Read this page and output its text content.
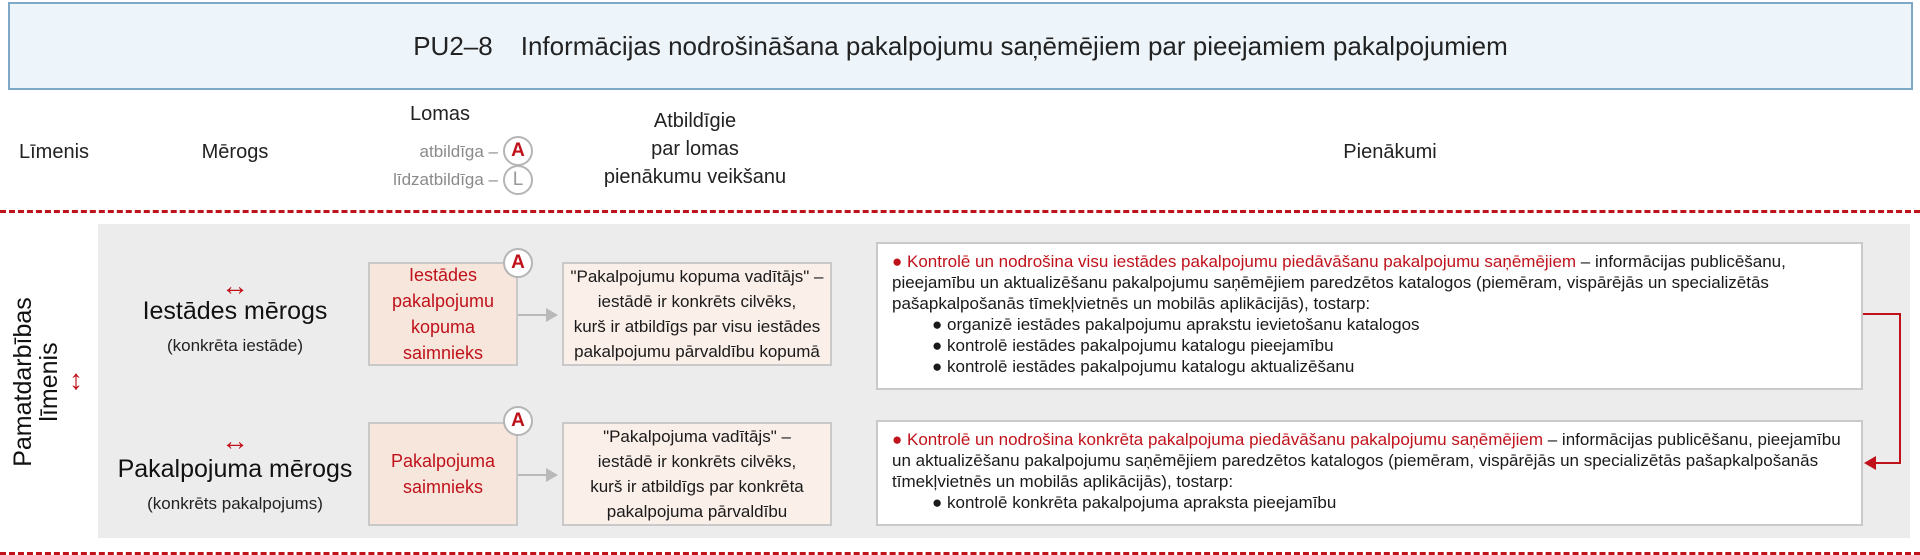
PU2–8 Informācijas nodrošināšana pakalpojumu saņēmējiem par pieejamiem pakalpojumiem
Līmenis	Mērogs
Lomas
atbildīga – A
līdzatbildīga – L
Atbildīgie
par lomas
pienākumu veikšanu
Pienākumi
Pamatdarbības
līmenis ↕
↔
Iestādes mērogs
(konkrēta iestāde)
Iestādes
pakalpojumu
kopuma
saimnieks
A
"Pakalpojumu kopuma vadītājs" –
iestādē ir konkrēts cilvēks,
kurš ir atbildīgs par visu iestādes
pakalpojumu pārvaldību kopumā
● Kontrolē un nodrošina visu iestādes pakalpojumu piedāvāšanu pakalpojumu saņēmējiem – informācijas publicēšanu, pieejamību un aktualizēšanu pakalpojumu saņēmējiem paredzētos katalogos (piemēram, vispārējās un specializētās pašapkalpošanās tīmekļvietnēs un mobilās aplikācijās), tostarp:
● organizē iestādes pakalpojumu aprakstu ievietošanu katalogos
● kontrolē iestādes pakalpojumu katalogu pieejamību
● kontrolē iestādes pakalpojumu katalogu aktualizēšanu
↔
Pakalpojuma mērogs
(konkrēts pakalpojums)
Pakalpojuma
saimnieks
A
"Pakalpojuma vadītājs" –
iestādē ir konkrēts cilvēks,
kurš ir atbildīgs par konkrēta
pakalpojuma pārvaldību
● Kontrolē un nodrošina konkrēta pakalpojuma piedāvāšanu pakalpojumu saņēmējiem – informācijas publicēšanu, pieejamību un aktualizēšanu pakalpojumu saņēmējiem paredzētos katalogos (piemēram, vispārējās un specializētās pašapkalpošanās tīmekļvietnēs un mobilās aplikācijās), tostarp:
● kontrolē konkrēta pakalpojuma apraksta pieejamību
